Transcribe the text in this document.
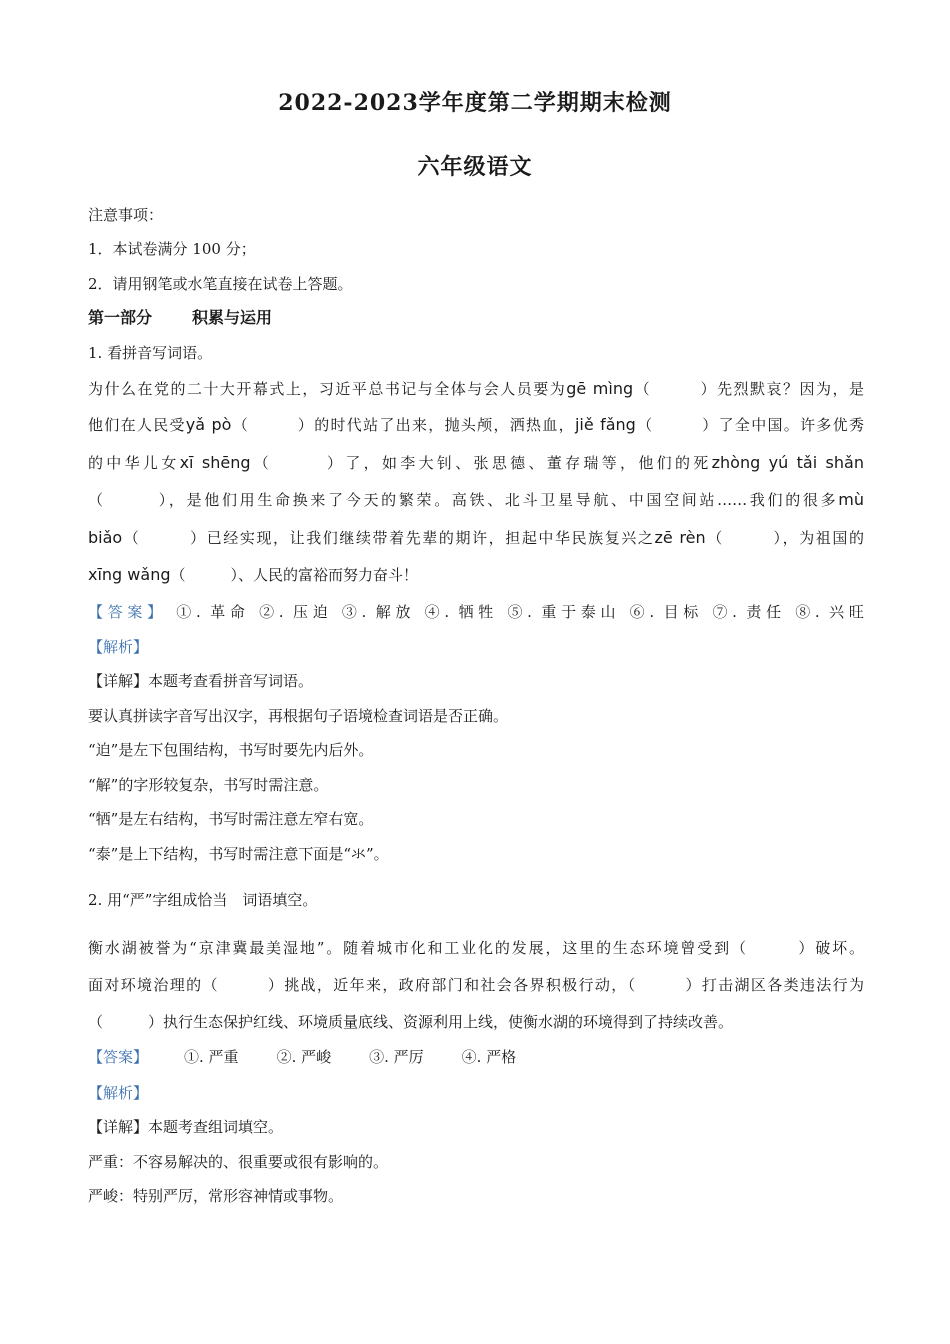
2022-2023学年度第二学期期末检测
六年级语文
注意事项：
1．本试卷满分 100 分；
2．请用钢笔或水笔直接在试卷上答题。
第一部分	积累与运用
1. 看拼音写词语。
为什么在党的二十大开幕式上，习近平总书记与全体与会人员要为gē mìng（　　　）先烈默哀？因为，是
他们在人民受yǎ pò（　　　）的时代站了出来，抛头颅，洒热血，jiě fǎng（　　　）了全中国。许多优秀
的中华儿女xī shēng（　　　）了，如李大钊、张思德、董存瑞等，他们的死zhòng yú tǎi shǎn
（　　　），是他们用生命换来了今天的繁荣。高铁、北斗卫星导航、中国空间站……我们的很多mù
biǎo（　　　）已经实现，让我们继续带着先辈的期许，担起中华民族复兴之zē rèn（　　　），为祖国的
xīng wǎng（　　　）、人民的富裕而努力奋斗！
【答案】 ①. 革命 ②. 压迫 ③. 解放 ④. 牺牲 ⑤. 重于泰山 ⑥. 目标 ⑦. 责任 ⑧. 兴旺
【解析】
【详解】本题考查看拼音写词语。
要认真拼读字音写出汉字，再根据句子语境检查词语是否正确。
“迫”是左下包围结构，书写时要先内后外。
“解”的字形较复杂，书写时需注意。
“牺”是左右结构，书写时需注意左窄右宽。
“泰”是上下结构，书写时需注意下面是“氺”。
2. 用“严”字组成恰当　词语填空。
衡水湖被誉为“京津冀最美湿地”。随着城市化和工业化的发展，这里的生态环境曾受到（　　　）破坏。
面对环境治理的（　　　）挑战，近年来，政府部门和社会各界积极行动，（　　　）打击湖区各类违法行为
（　　　）执行生态保护红线、环境质量底线、资源利用上线，使衡水湖的环境得到了持续改善。
【答案】 ①. 严重	②. 严峻	③. 严厉	④. 严格
【解析】
【详解】本题考查组词填空。
严重：不容易解决的、很重要或很有影响的。
严峻：特别严厉，常形容神情或事物。
